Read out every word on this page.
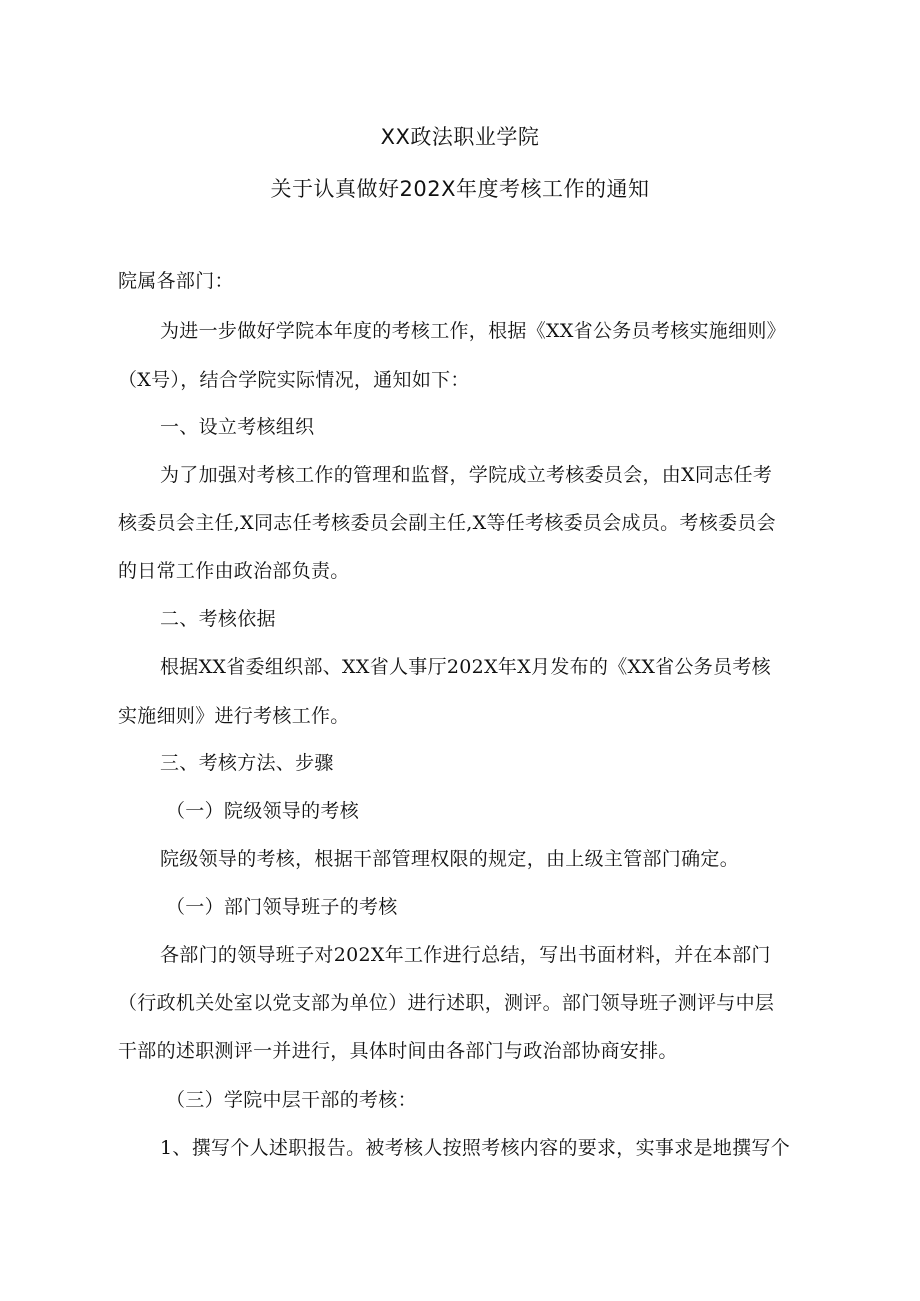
XX政法职业学院
关于认真做好202X年度考核工作的通知
院属各部门：
为进一步做好学院本年度的考核工作，根据《XX省公务员考核实施细则》
（X号），结合学院实际情况，通知如下：
一、设立考核组织
为了加强对考核工作的管理和监督，学院成立考核委员会，由X同志任考
核委员会主任,X同志任考核委员会副主任,X等任考核委员会成员。考核委员会
的日常工作由政治部负责。
二、考核依据
根据XX省委组织部、XX省人事厅202X年X月发布的《XX省公务员考核
实施细则》进行考核工作。
三、考核方法、步骤
（一）院级领导的考核
院级领导的考核，根据干部管理权限的规定，由上级主管部门确定。
（一）部门领导班子的考核
各部门的领导班子对202X年工作进行总结，写出书面材料，并在本部门
（行政机关处室以党支部为单位）进行述职，测评。部门领导班子测评与中层
干部的述职测评一并进行，具体时间由各部门与政治部协商安排。
（三）学院中层干部的考核：
1、撰写个人述职报告。被考核人按照考核内容的要求，实事求是地撰写个
